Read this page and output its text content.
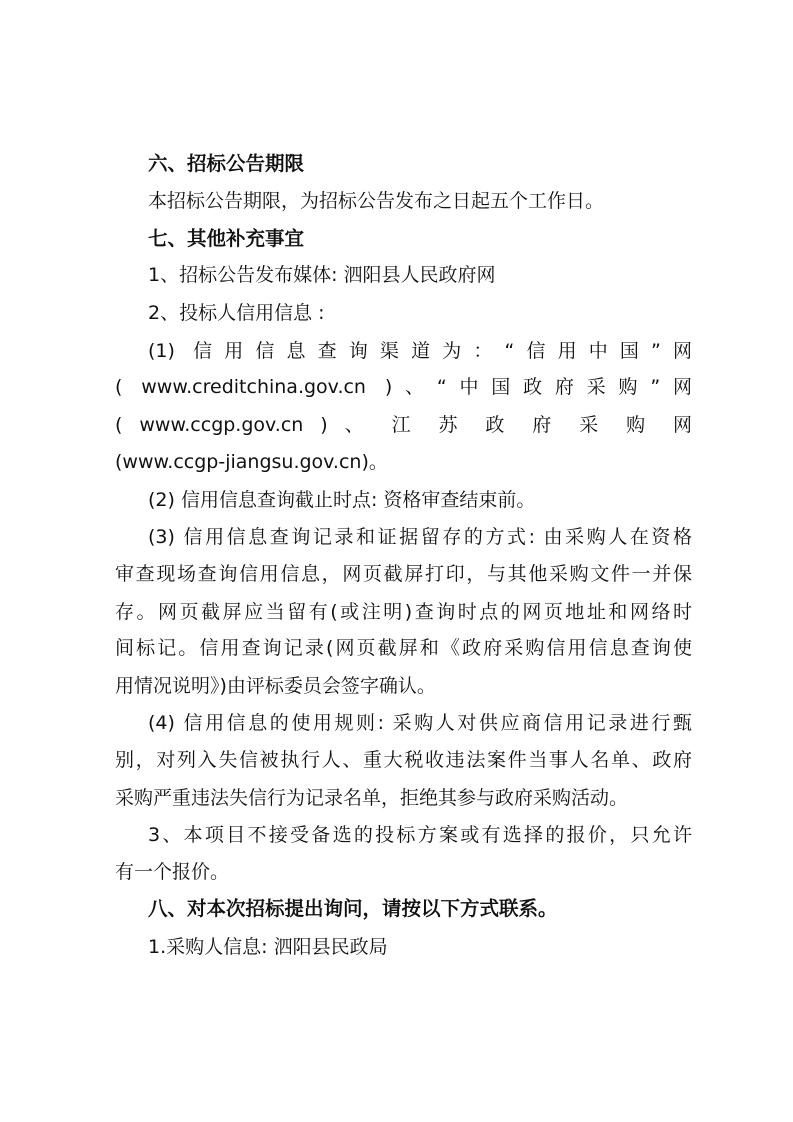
六、招标公告期限
本招标公告期限，为招标公告发布之日起五个工作日。
七、其他补充事宜
1、招标公告发布媒体: 泗阳县人民政府网
2、投标人信用信息 :
(1) 信用信息查询渠道为：“信用中国”网
( www.creditchina.gov.cn )、“中国政府采购”网
( www.ccgp.gov.cn ) 、 江 苏 政 府 采 购 网
(www.ccgp-jiangsu.gov.cn)。
(2) 信用信息查询截止时点: 资格审查结束前。
(3) 信用信息查询记录和证据留存的方式: 由采购人在资格
审查现场查询信用信息，网页截屏打印，与其他采购文件一并保
存。网页截屏应当留有(或注明)查询时点的网页地址和网络时
间标记。信用查询记录(网页截屏和《政府采购信用信息查询使
用情况说明》)由评标委员会签字确认。
(4) 信用信息的使用规则: 采购人对供应商信用记录进行甄
别，对列入失信被执行人、重大税收违法案件当事人名单、政府
采购严重违法失信行为记录名单，拒绝其参与政府采购活动。
3、本项目不接受备选的投标方案或有选择的报价，只允许
有一个报价。
八、对本次招标提出询问，请按以下方式联系。
1.采购人信息: 泗阳县民政局
